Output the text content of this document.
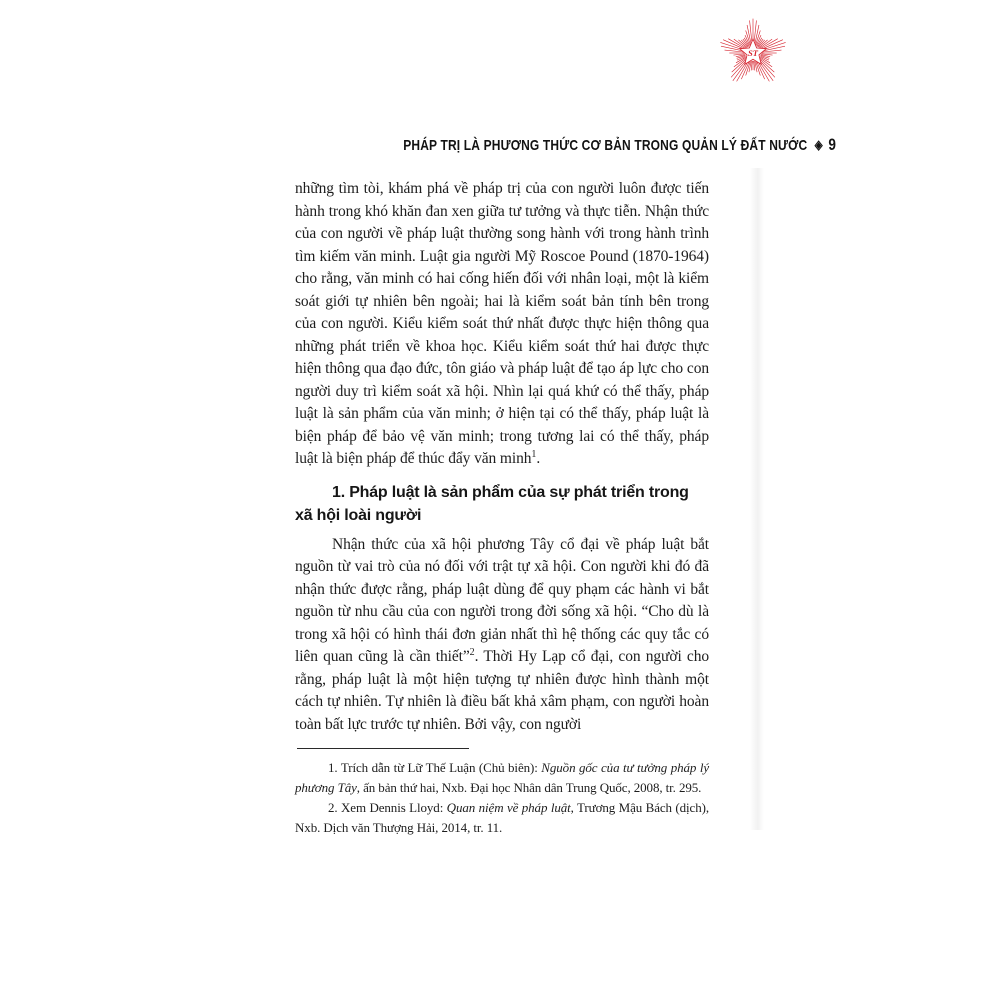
ST
PHÁP TRỊ LÀ PHƯƠNG THỨC CƠ BẢN TRONG QUẢN LÝ ĐẤT NƯỚC ◈ 9

những tìm tòi, khám phá về pháp trị của con người luôn được tiến hành trong khó khăn đan xen giữa tư tưởng và thực tiễn. Nhận thức của con người về pháp luật thường song hành với trong hành trình tìm kiếm văn minh. Luật gia người Mỹ Roscoe Pound (1870-1964) cho rằng, văn minh có hai cống hiến đối với nhân loại, một là kiểm soát giới tự nhiên bên ngoài; hai là kiểm soát bản tính bên trong của con người. Kiểu kiểm soát thứ nhất được thực hiện thông qua những phát triển về khoa học. Kiểu kiểm soát thứ hai được thực hiện thông qua đạo đức, tôn giáo và pháp luật để tạo áp lực cho con người duy trì kiểm soát xã hội. Nhìn lại quá khứ có thể thấy, pháp luật là sản phẩm của văn minh; ở hiện tại có thể thấy, pháp luật là biện pháp để bảo vệ văn minh; trong tương lai có thể thấy, pháp luật là biện pháp để thúc đẩy văn minh$^1$.

1. Pháp luật là sản phẩm của sự phát triển trong xã hội loài người

Nhận thức của xã hội phương Tây cổ đại về pháp luật bắt nguồn từ vai trò của nó đối với trật tự xã hội. Con người khi đó đã nhận thức được rằng, pháp luật dùng để quy phạm các hành vi bắt nguồn từ nhu cầu của con người trong đời sống xã hội. “Cho dù là trong xã hội có hình thái đơn giản nhất thì hệ thống các quy tắc có liên quan cũng là cần thiết”$^2$. Thời Hy Lạp cổ đại, con người cho rằng, pháp luật là một hiện tượng tự nhiên được hình thành một cách tự nhiên. Tự nhiên là điều bất khả xâm phạm, con người hoàn toàn bất lực trước tự nhiên. Bởi vậy, con người

1. Trích dẫn từ Lữ Thế Luận (Chủ biên): Nguồn gốc của tư tưởng pháp lý phương Tây, ấn bản thứ hai, Nxb. Đại học Nhân dân Trung Quốc, 2008, tr. 295.

2. Xem Dennis Lloyd: Quan niệm về pháp luật, Trương Mậu Bách (dịch), Nxb. Dịch văn Thượng Hải, 2014, tr. 11.
